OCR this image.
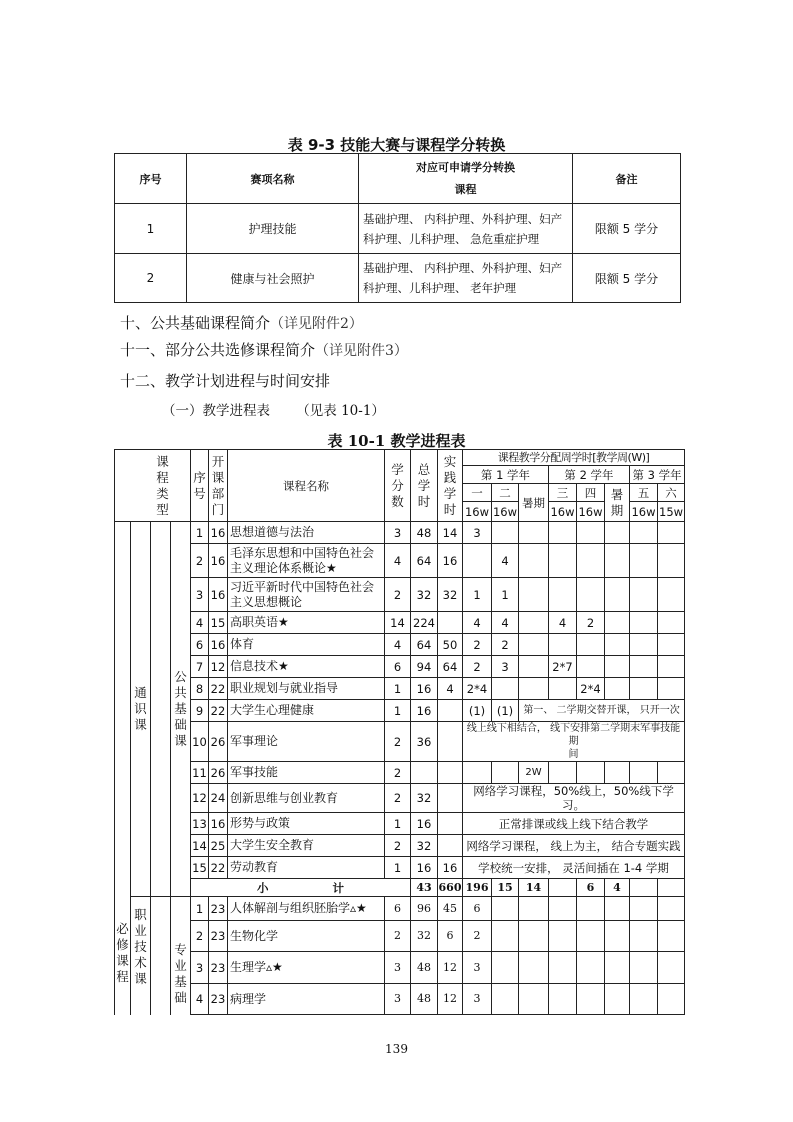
表 9-3 技能大赛与课程学分转换
序号	赛项名称	对应可申请学分转换
课程	备注
1	护理技能	基础护理、 内科护理、外科护理、妇产
科护理、儿科护理、 急危重症护理	限额 5 学分
2	健康与社会照护	基础护理、 内科护理、外科护理、妇产
科护理、儿科护理、 老年护理	限额 5 学分
十、公共基础课程简介（详见附件2）
十一、部分公共选修课程简介（详见附件3）
十二、教学计划进程与时间安排
（一）教学进程表 （见表 10-1）
表 10-1 教学进程表
课程类型				序号	开课部门	课程名称	学分数	总学时	实践学时	课程教学分配周学时[教学周(W)]								
										第 1 学年			第 2 学年			第 3 学年		
										一	二	暑期	三	四	暑期	五	六	
										16w	16w		16w	16w		16w	15w	

必修课程	通识课		公共基础课	1	16	思想道德与法治	3	48	14	3								
				2	16	毛泽东思想和中国特色社会
主义理论体系概论★	4	64	16		4							
				3	16	习近平新时代中国特色社会
主义思想概论	2	32	32	1	1							
				4	15	高职英语★	14	224		4	4		4	2				
				6	16	体育	4	64	50	2	2							
				7	12	信息技术★	6	94	64	2	3		2*7					
				8	22	职业规划与就业指导	1	16	4	2*4				2*4				
				9	22	大学生心理健康	1	16		(1)	(1)	第一、 二学期交替开课， 只开一次						
				10	26	军事理论	2	36		线上线下相结合， 线下安排第二学期末军事技能期
间								

				11	26	军事技能	2					2W						
				12	24	创新思维与创业教育	2	32		网络学习课程，50%线上，50%线下学习。								
				13	16	形势与政策	1	16		正常排课或线上线下结合教学								
				14	25	大学生安全教育	2	32		网络学习课程， 线上为主， 结合专题实践								
				15	22	劳动教育	1	16	16	学校统一安排， 灵活间插在 1-4 学期								
				小 计				43	660	196	15	14		6	4			

	职业技术课		专业基础	1	23	人体解剖与组织胚胎学▵★	6	96	45	6								
				2	23	生物化学	2	32	6	2								
				3	23	生理学▵★	3	48	12	3								
				4	23	病理学	3	48	12	3								
139
